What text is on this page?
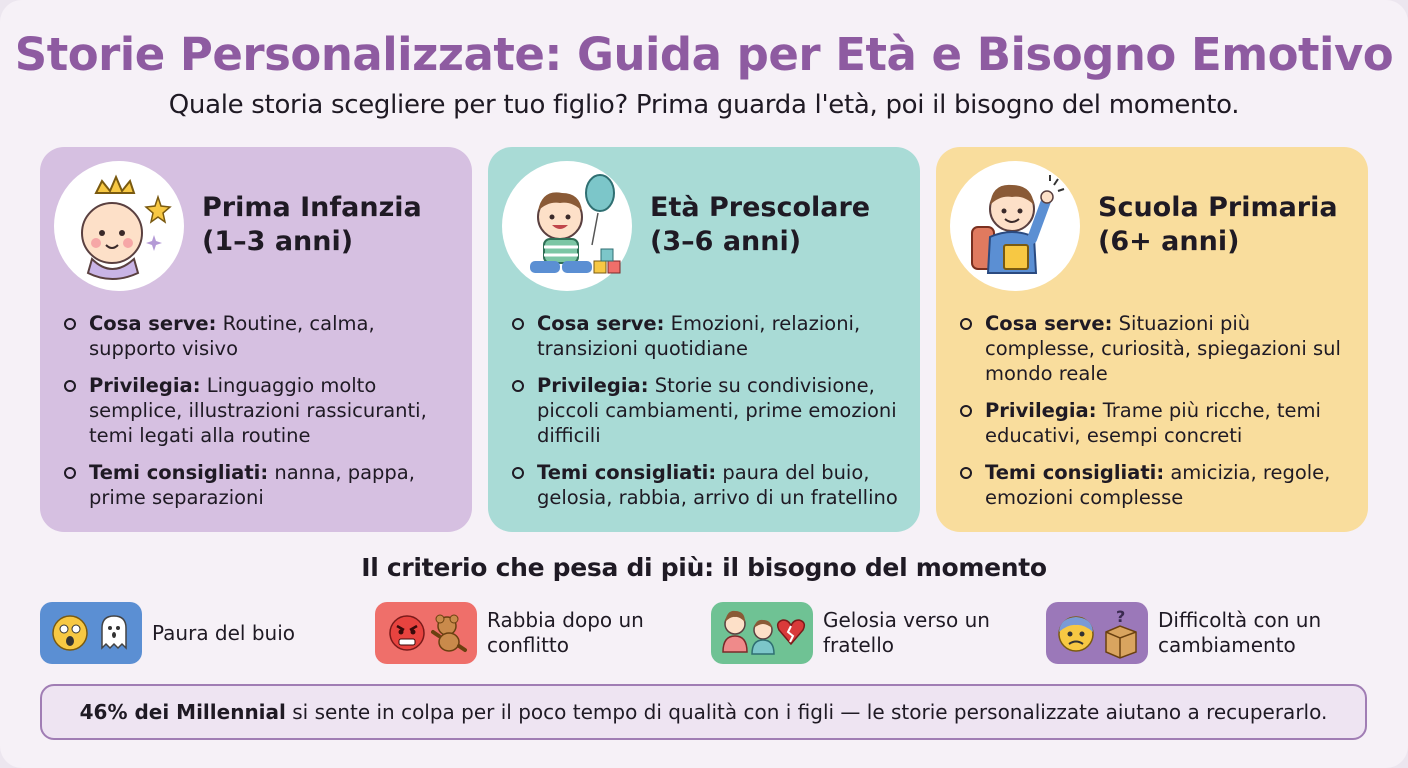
Storie Personalizzate: Guida per Età e Bisogno Emotivo

Quale storia scegliere per tuo figlio? Prima guarda l'età, poi il bisogno del momento.

Prima Infanzia
(1–3 anni)
Cosa serve: Routine, calma, supporto visivo
Privilegia: Linguaggio molto semplice, illustrazioni rassicuranti, temi legati alla routine
Temi consigliati: nanna, pappa, prime separazioni
Età Prescolare
(3–6 anni)
Cosa serve: Emozioni, relazioni, transizioni quotidiane
Privilegia: Storie su condivisione, piccoli cambiamenti, prime emozioni difficili
Temi consigliati: paura del buio, gelosia, rabbia, arrivo di un fratellino
Scuola Primaria
(6+ anni)
Cosa serve: Situazioni più complesse, curiosità, spiegazioni sul mondo reale
Privilegia: Trame più ricche, temi educativi, esempi concreti
Temi consigliati: amicizia, regole, emozioni complesse
Il criterio che pesa di più: il bisogno del momento
Paura del buio
Rabbia dopo un conflitto
Gelosia verso un fratello
? Difficoltà con un cambiamento
46% dei Millennial si sente in colpa per il poco tempo di qualità con i figli — le storie personalizzate aiutano a recuperarlo.
